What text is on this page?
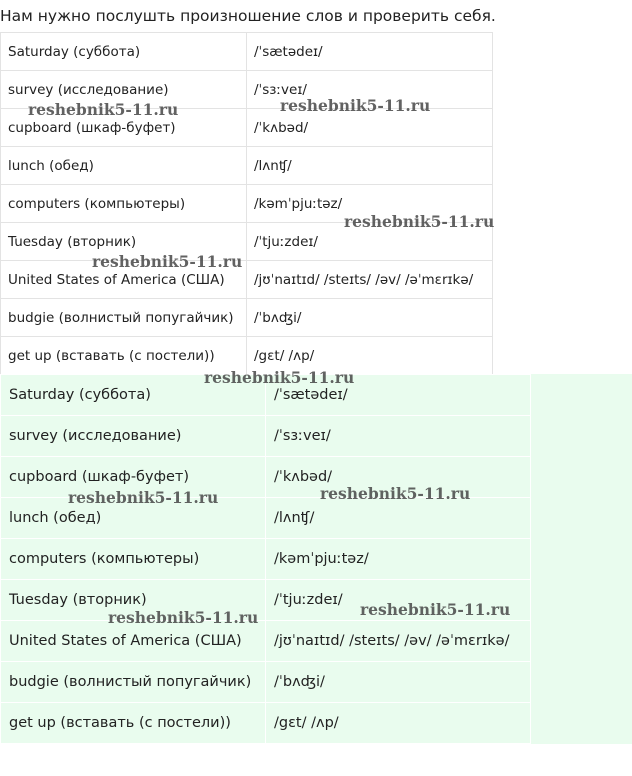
Нам нужно послушть произношение слов и проверить себя.
Saturday (суббота)	/ˈsætədeɪ/
survey (исследование)	/ˈsɜːveɪ/
cupboard (шкаф-буфет)	/ˈkʌbəd/
lunch (обед)	/lʌnʧ/
computers (компьютеры)	/kəmˈpjuːtəz/
Tuesday (вторник)	/ˈtjuːzdeɪ/
United States of America (США)	/jʊˈnaɪtɪd/ /steɪts/ /əv/ /əˈmɛrɪkə/
budgie (волнистый попугайчик)	/ˈbʌʤi/
get up (вставать (с постели))	/gɛt/ /ʌp/
Saturday (суббота)	/ˈsætədeɪ/	
survey (исследование)	/ˈsɜːveɪ/	
cupboard (шкаф-буфет)	/ˈkʌbəd/	
lunch (обед)	/lʌnʧ/	
computers (компьютеры)	/kəmˈpjuːtəz/	
Tuesday (вторник)	/ˈtjuːzdeɪ/	
United States of America (США)	/jʊˈnaɪtɪd/ /steɪts/ /əv/ /əˈmɛrɪkə/	
budgie (волнистый попугайчик)	/ˈbʌʤi/	
get up (вставать (с постели))	/gɛt/ /ʌp/	
reshebnik5-11.ru	reshebnik5-11.ru
reshebnik5-11.ru
reshebnik5-11.ru
reshebnik5-11.ru
reshebnik5-11.ru	reshebnik5-11.ru
reshebnik5-11.ru	reshebnik5-11.ru
